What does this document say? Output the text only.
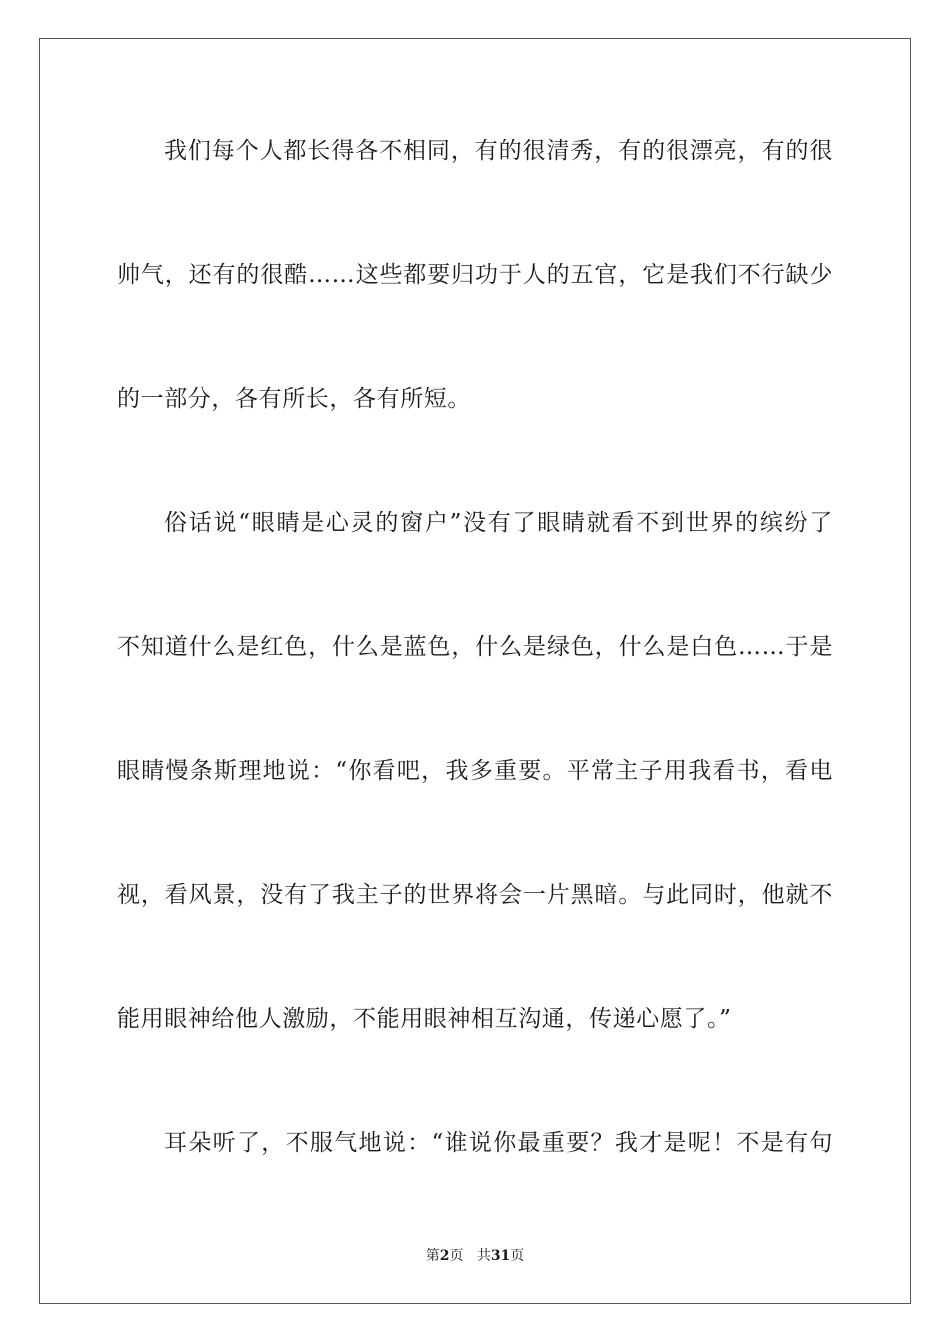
我们每个人都长得各不相同，有的很清秀，有的很漂亮，有的很
帅气，还有的很酷……这些都要归功于人的五官，它是我们不行缺少
的一部分，各有所长，各有所短。
俗话说“眼睛是心灵的窗户”没有了眼睛就看不到世界的缤纷了
不知道什么是红色，什么是蓝色，什么是绿色，什么是白色……于是
眼睛慢条斯理地说：“你看吧，我多重要。平常主子用我看书，看电
视，看风景，没有了我主子的世界将会一片黑暗。与此同时，他就不
能用眼神给他人激励，不能用眼神相互沟通，传递心愿了。”
耳朵听了，不服气地说：“谁说你最重要？我才是呢！不是有句
第2页 共31页
